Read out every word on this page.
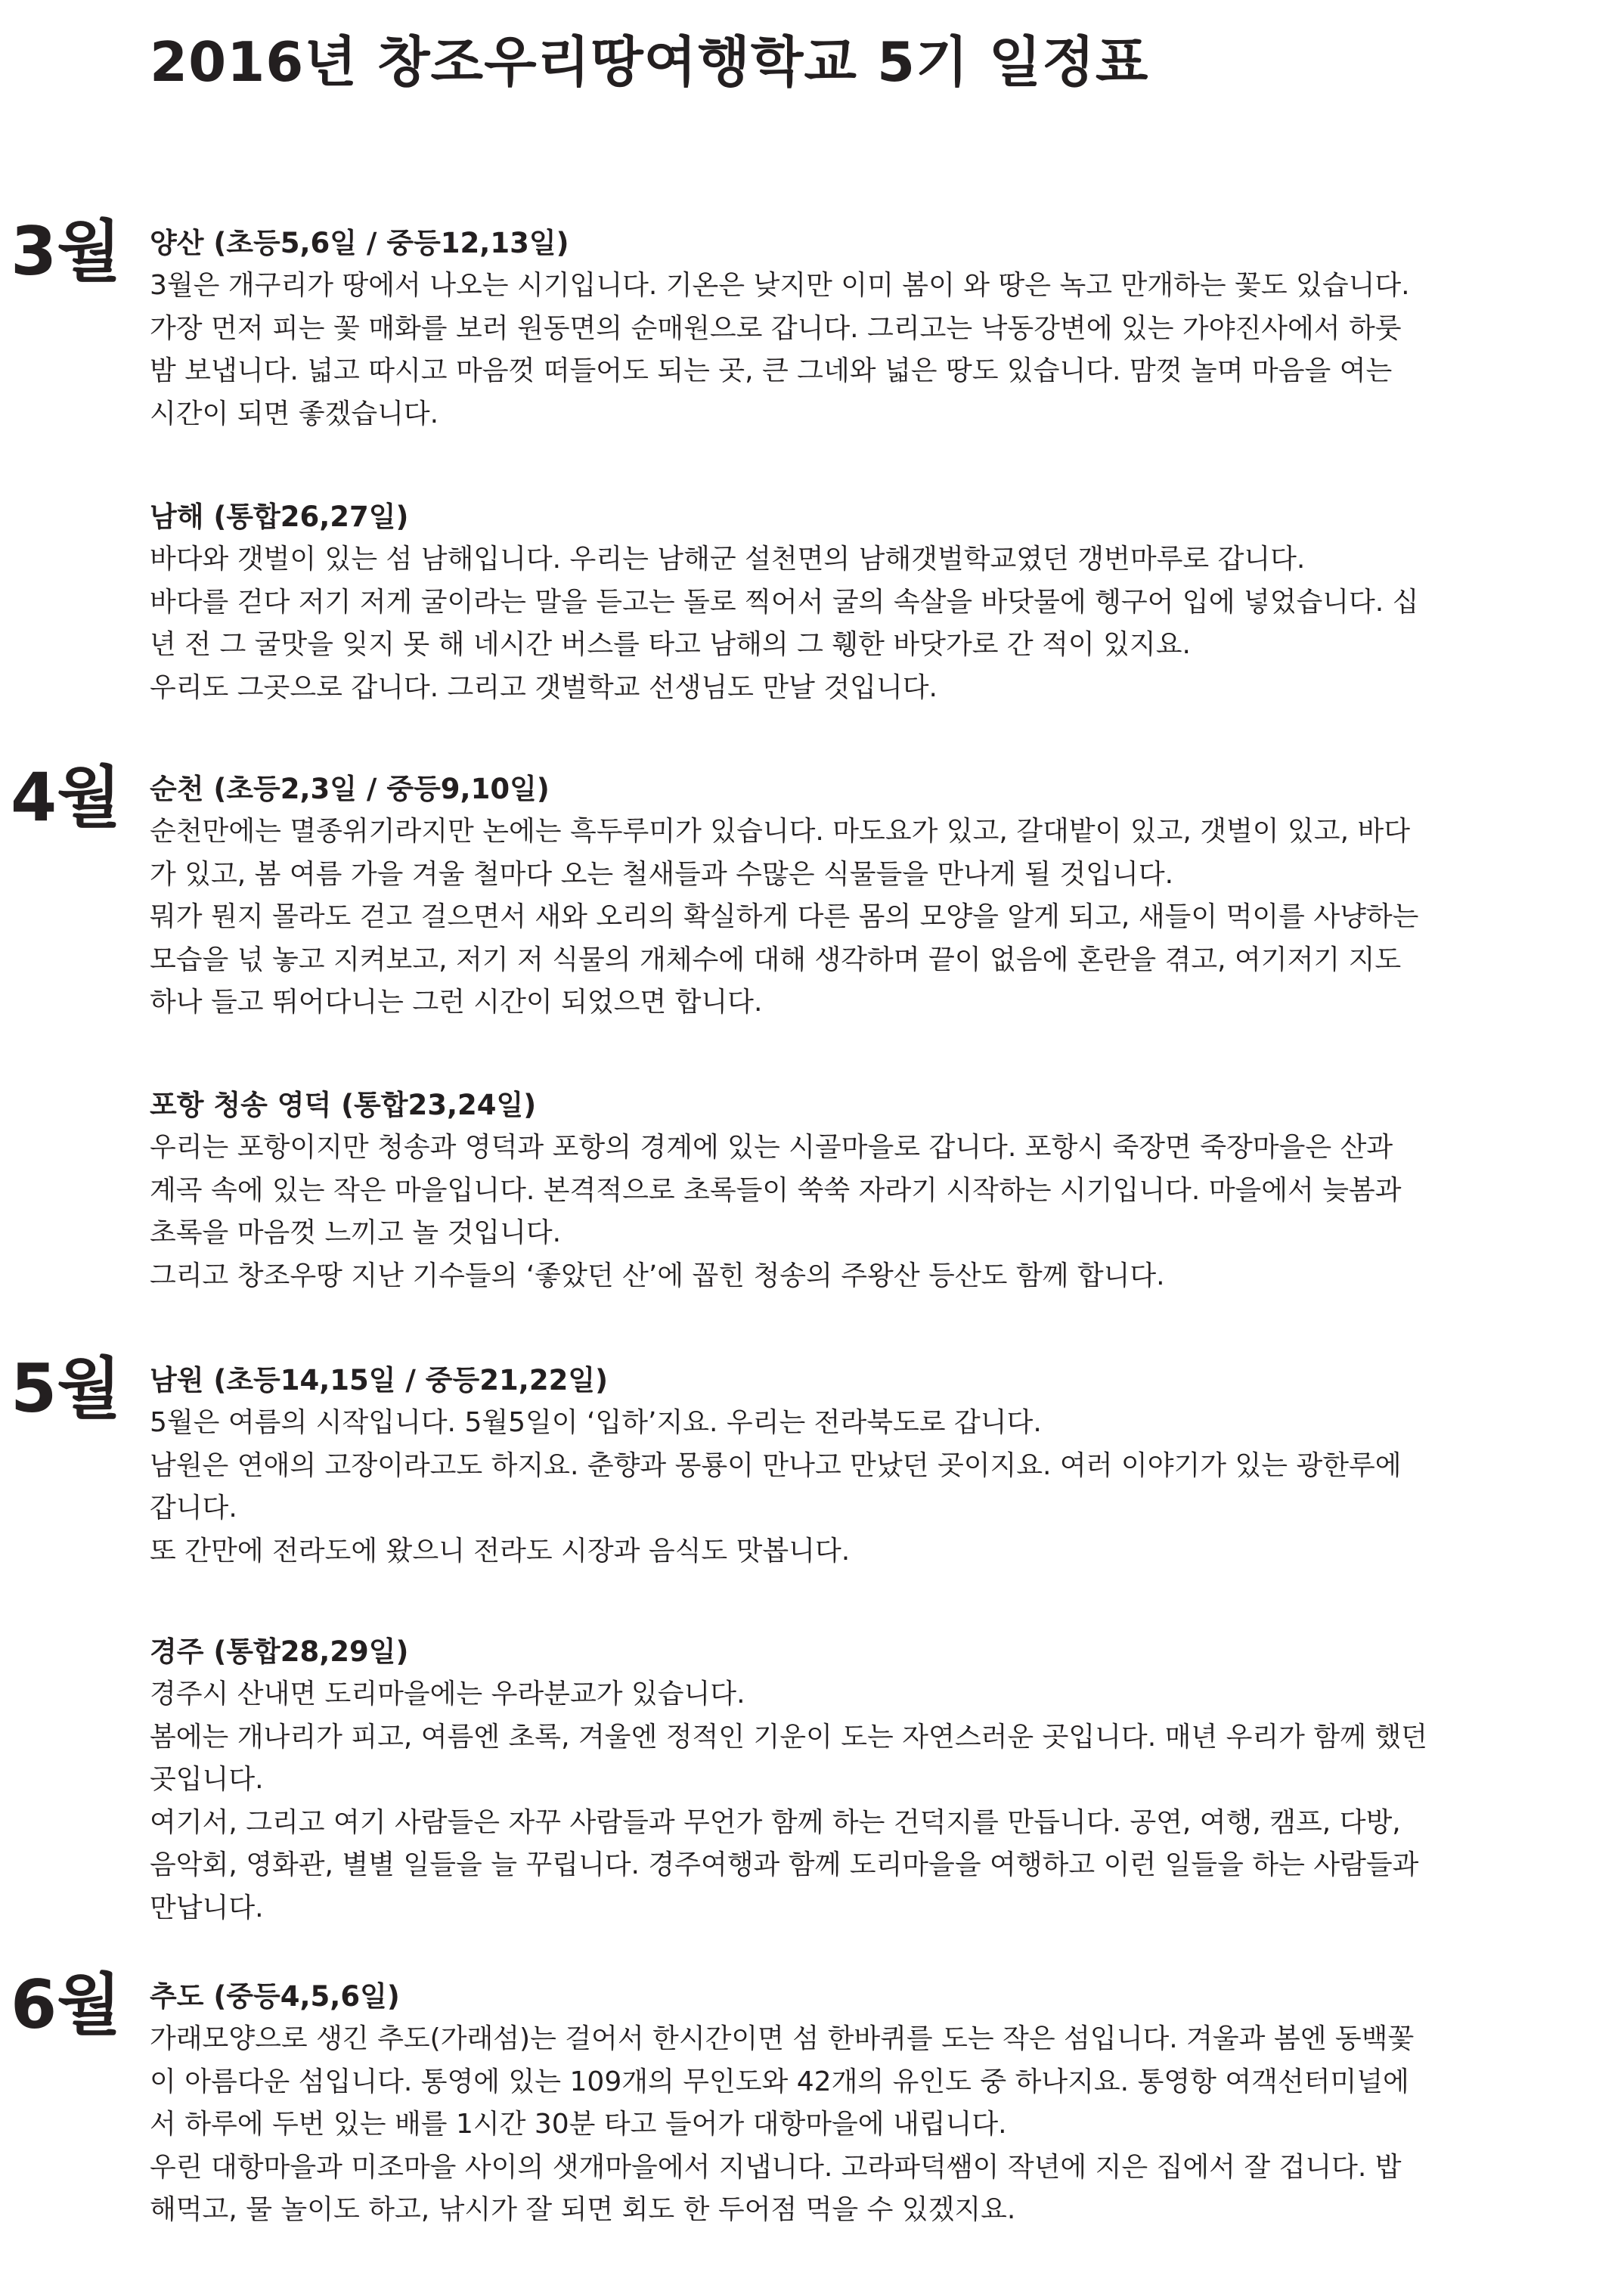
2016년 창조우리땅여행학교 5기 일정표
3월 양산 (초등5,6일 / 중등12,13일)

3월은 개구리가 땅에서 나오는 시기입니다. 기온은 낮지만 이미 봄이 와 땅은 녹고 만개하는 꽃도 있습니다.

가장 먼저 피는 꽃 매화를 보러 원동면의 순매원으로 갑니다. 그리고는 낙동강변에 있는 가야진사에서 하룻

밤 보냅니다. 넓고 따시고 마음껏 떠들어도 되는 곳, 큰 그네와 넓은 땅도 있습니다. 맘껏 놀며 마음을 여는

시간이 되면 좋겠습니다.

남해 (통합26,27일)

바다와 갯벌이 있는 섬 남해입니다. 우리는 남해군 설천면의 남해갯벌학교였던 갱번마루로 갑니다.

바다를 걷다 저기 저게 굴이라는 말을 듣고는 돌로 찍어서 굴의 속살을 바닷물에 헹구어 입에 넣었습니다. 십

년 전 그 굴맛을 잊지 못 해 네시간 버스를 타고 남해의 그 휑한 바닷가로 간 적이 있지요.

우리도 그곳으로 갑니다. 그리고 갯벌학교 선생님도 만날 것입니다.

4월 순천 (초등2,3일 / 중등9,10일)

순천만에는 멸종위기라지만 논에는 흑두루미가 있습니다. 마도요가 있고, 갈대밭이 있고, 갯벌이 있고, 바다

가 있고, 봄 여름 가을 겨울 철마다 오는 철새들과 수많은 식물들을 만나게 될 것입니다.

뭐가 뭔지 몰라도 걷고 걸으면서 새와 오리의 확실하게 다른 몸의 모양을 알게 되고, 새들이 먹이를 사냥하는

모습을 넋 놓고 지켜보고, 저기 저 식물의 개체수에 대해 생각하며 끝이 없음에 혼란을 겪고, 여기저기 지도

하나 들고 뛰어다니는 그런 시간이 되었으면 합니다.

포항 청송 영덕 (통합23,24일)

우리는 포항이지만 청송과 영덕과 포항의 경계에 있는 시골마을로 갑니다. 포항시 죽장면 죽장마을은 산과

계곡 속에 있는 작은 마을입니다. 본격적으로 초록들이 쑥쑥 자라기 시작하는 시기입니다. 마을에서 늦봄과

초록을 마음껏 느끼고 놀 것입니다.

그리고 창조우땅 지난 기수들의 ‘좋았던 산’에 꼽힌 청송의 주왕산 등산도 함께 합니다.

5월 남원 (초등14,15일 / 중등21,22일)

5월은 여름의 시작입니다. 5월5일이 ‘입하’지요. 우리는 전라북도로 갑니다.

남원은 연애의 고장이라고도 하지요. 춘향과 몽룡이 만나고 만났던 곳이지요. 여러 이야기가 있는 광한루에

갑니다.

또 간만에 전라도에 왔으니 전라도 시장과 음식도 맛봅니다.

경주 (통합28,29일)

경주시 산내면 도리마을에는 우라분교가 있습니다.

봄에는 개나리가 피고, 여름엔 초록, 겨울엔 정적인 기운이 도는 자연스러운 곳입니다. 매년 우리가 함께 했던

곳입니다.

여기서, 그리고 여기 사람들은 자꾸 사람들과 무언가 함께 하는 건덕지를 만듭니다. 공연, 여행, 캠프, 다방,

음악회, 영화관, 별별 일들을 늘 꾸립니다. 경주여행과 함께 도리마을을 여행하고 이런 일들을 하는 사람들과

만납니다.

6월 추도 (중등4,5,6일)

가래모양으로 생긴 추도(가래섬)는 걸어서 한시간이면 섬 한바퀴를 도는 작은 섬입니다. 겨울과 봄엔 동백꽃

이 아름다운 섬입니다. 통영에 있는 109개의 무인도와 42개의 유인도 중 하나지요. 통영항 여객선터미널에

서 하루에 두번 있는 배를 1시간 30분 타고 들어가 대항마을에 내립니다.

우린 대항마을과 미조마을 사이의 샛개마을에서 지냅니다. 고라파덕쌤이 작년에 지은 집에서 잘 겁니다. 밥

해먹고, 물 놀이도 하고, 낚시가 잘 되면 회도 한 두어점 먹을 수 있겠지요.
